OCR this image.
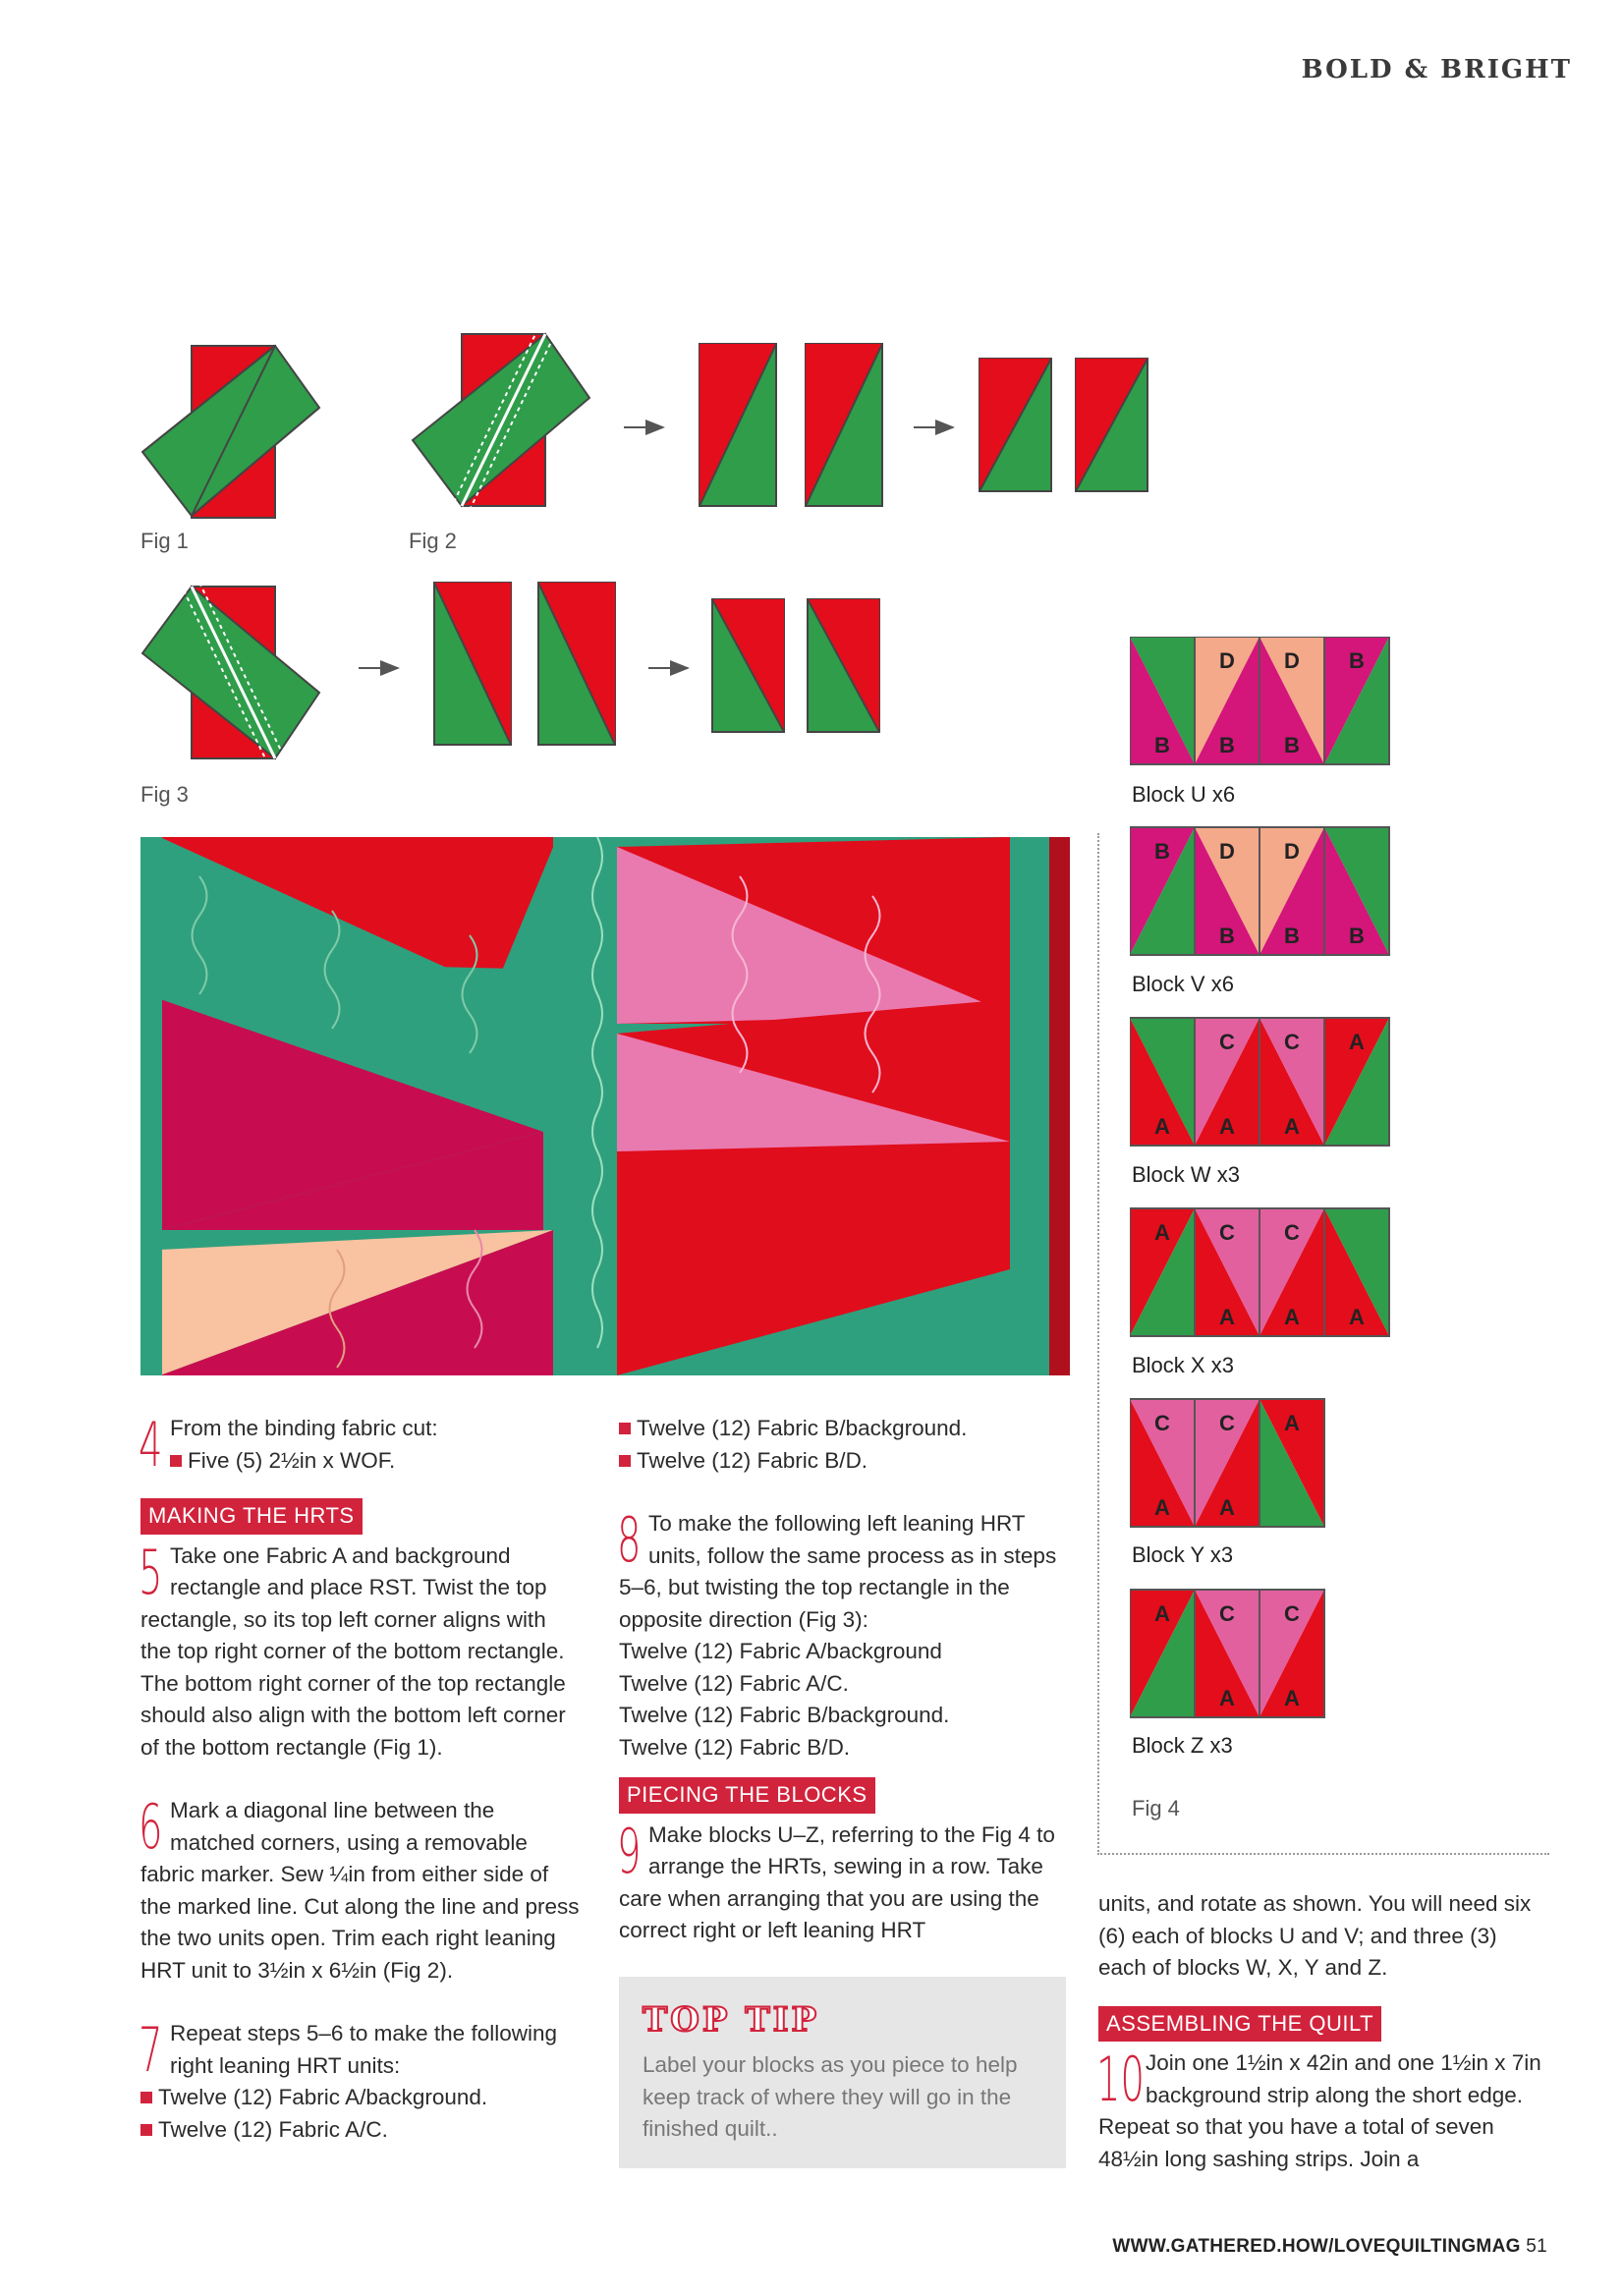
BOLD & BRIGHT
Fig 1	Fig 2
Fig 3
B
D
B
D
B
B
B D
B
D
B B
A
C
A
C
A
A
A C
A
C
A A
C
A
C
A
A
A C
A
C
A
Block U x6
Block V x6
Block W x3
Block X x3
Block Y x3
Block Z x3
Fig 4
4 From the binding fabric cut:

Five (5) 2½in x WOF.

MAKING THE HRTS
5 Take one Fabric A and background rectangle and place RST. Twist the top rectangle, so its top left corner aligns with the top right corner of the bottom rectangle. The bottom right corner of the top rectangle should also align with the bottom left corner of the bottom rectangle (Fig 1).

6 Mark a diagonal line between the matched corners, using a removable fabric marker. Sew ¼in from either side of the marked line. Cut along the line and press the two units open. Trim each right leaning HRT unit to 3½in x 6½in (Fig 2).

7 Repeat steps 5–6 to make the following right leaning HRT units:

Twelve (12) Fabric A/background.

Twelve (12) Fabric A/C.

Twelve (12) Fabric B/background.

Twelve (12) Fabric B/D.

8 To make the following left leaning HRT units, follow the same process as in steps 5–6, but twisting the top rectangle in the opposite direction (Fig 3):

Twelve (12) Fabric A/background

Twelve (12) Fabric A/C.

Twelve (12) Fabric B/background.

Twelve (12) Fabric B/D.

PIECING THE BLOCKS
9 Make blocks U–Z, referring to the Fig 4 to arrange the HRTs, sewing in a row. Take care when arranging that you are using the correct right or left leaning HRT

TOP TIP
Label your blocks as you piece to help keep track of where they will go in the finished quilt..

units, and rotate as shown. You will need six (6) each of blocks U and V; and three (3) each of blocks W, X, Y and Z.

ASSEMBLING THE QUILT
10 Join one 1½in x 42in and one 1½in x 7in background strip along the short edge. Repeat so that you have a total of seven 48½in long sashing strips. Join a

WWW.GATHERED.HOW/LOVEQUILTINGMAG 51
